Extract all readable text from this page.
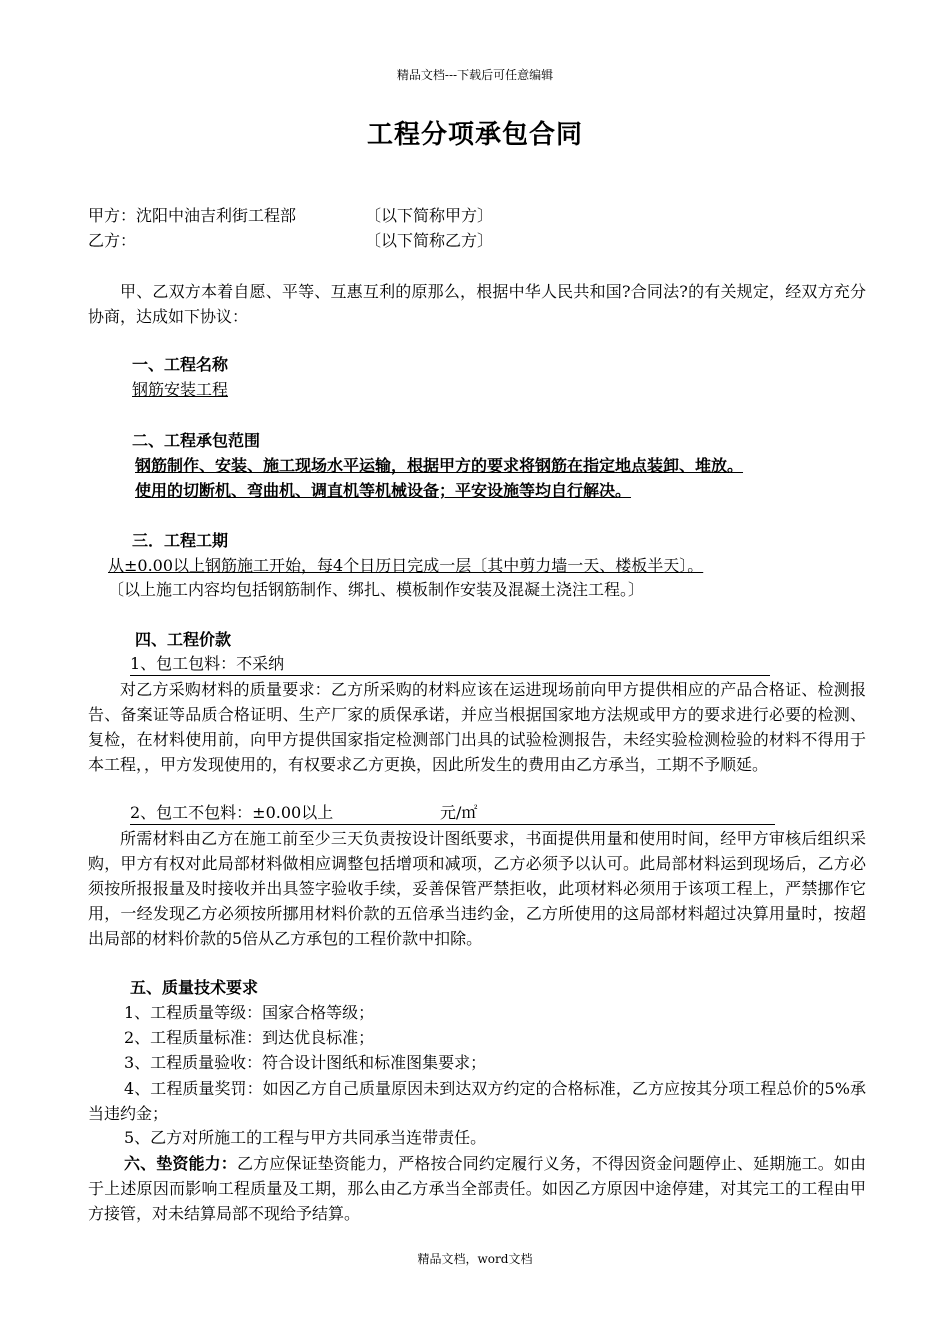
精品文档---下载后可任意编辑
工程分项承包合同
甲方：沈阳中油吉利街工程部	〔以下简称甲方〕
乙方：	〔以下简称乙方〕
甲、乙双方本着自愿、平等、互惠互利的原那么，根据中华人民共和国?合同法?的有关规定，经双方充分协商，达成如下协议：
一、工程名称
钢筋安装工程
二、工程承包范围
钢筋制作、安装、施工现场水平运输，根据甲方的要求将钢筋在指定地点装卸、堆放。
使用的切断机、弯曲机、调直机等机械设备；平安设施等均自行解决。
三．工程工期
从±0.00以上钢筋施工开始，每4个日历日完成一层〔其中剪力墙一天、楼板半天〕。
〔以上施工内容均包括钢筋制作、绑扎、模板制作安装及混凝土浇注工程。〕
四、工程价款
1、包工包料：不采纳
对乙方采购材料的质量要求：乙方所采购的材料应该在运进现场前向甲方提供相应的产品合格证、检测报告、备案证等品质合格证明、生产厂家的质保承诺，并应当根据国家地方法规或甲方的要求进行必要的检测、复检，在材料使用前，向甲方提供国家指定检测部门出具的试验检测报告，未经实验检测检验的材料不得用于本工程，，甲方发现使用的，有权要求乙方更换，因此所发生的费用由乙方承当，工期不予顺延。
2、包工不包料：±0.00以上	元/㎡
所需材料由乙方在施工前至少三天负责按设计图纸要求，书面提供用量和使用时间，经甲方审核后组织采购，甲方有权对此局部材料做相应调整包括增项和减项，乙方必须予以认可。此局部材料运到现场后，乙方必须按所报报量及时接收并出具签字验收手续，妥善保管严禁拒收，此项材料必须用于该项工程上，严禁挪作它用，一经发现乙方必须按所挪用材料价款的五倍承当违约金，乙方所使用的这局部材料超过决算用量时，按超出局部的材料价款的5倍从乙方承包的工程价款中扣除。
五、质量技术要求
1、工程质量等级：国家合格等级；
2、工程质量标准：到达优良标准；
3、工程质量验收：符合设计图纸和标准图集要求；
4、工程质量奖罚：如因乙方自己质量原因未到达双方约定的合格标准，乙方应按其分项工程总价的5%承当违约金；
5、乙方对所施工的工程与甲方共同承当连带责任。
六、垫资能力：乙方应保证垫资能力，严格按合同约定履行义务，不得因资金问题停止、延期施工。如由于上述原因而影响工程质量及工期，那么由乙方承当全部责任。如因乙方原因中途停建，对其完工的工程由甲方接管，对未结算局部不现给予结算。
精品文档，word文档
